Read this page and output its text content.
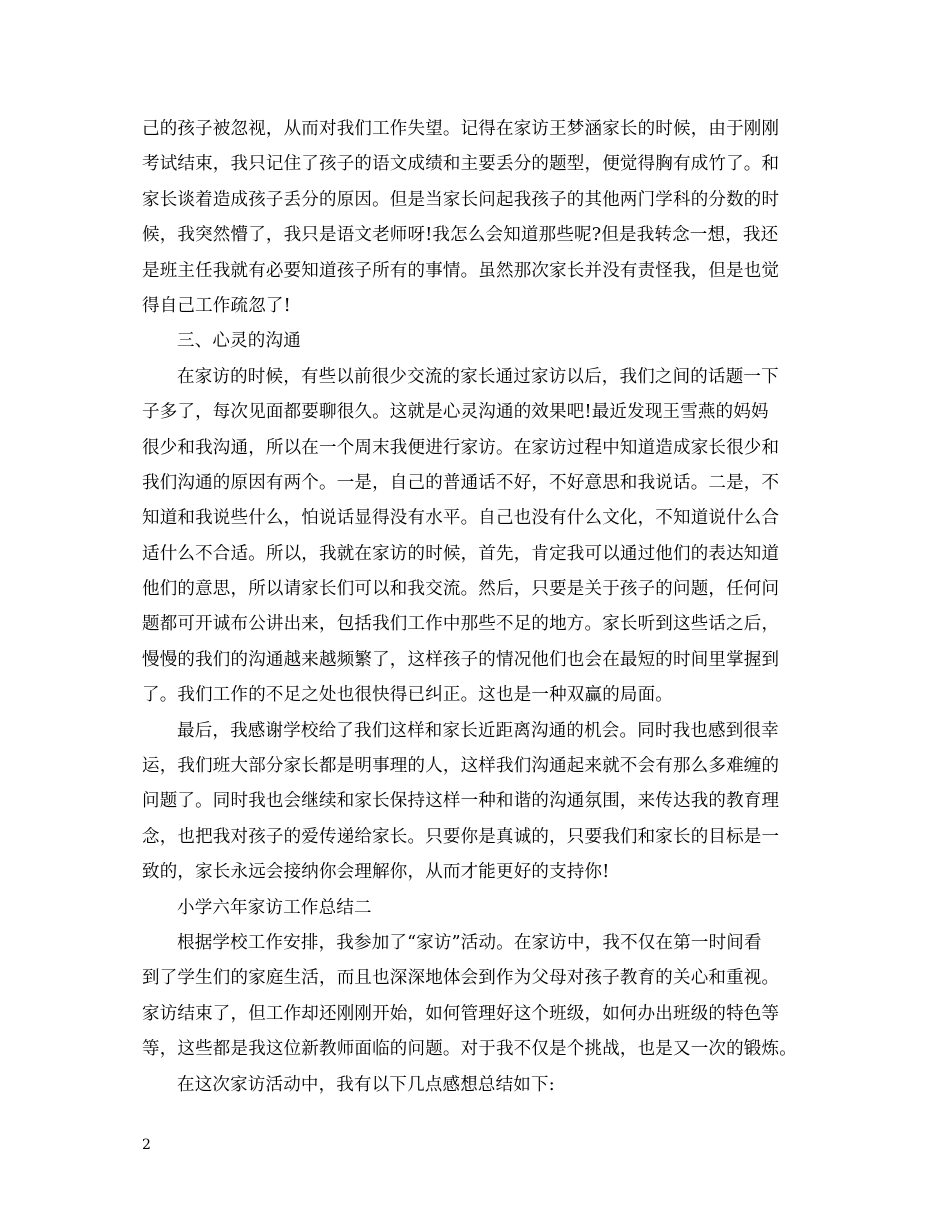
己的孩子被忽视，从而对我们工作失望。记得在家访王梦涵家长的时候，由于刚刚
考试结束，我只记住了孩子的语文成绩和主要丢分的题型，便觉得胸有成竹了。和
家长谈着造成孩子丢分的原因。但是当家长问起我孩子的其他两门学科的分数的时
候，我突然懵了，我只是语文老师呀!我怎么会知道那些呢?但是我转念一想，我还
是班主任我就有必要知道孩子所有的事情。虽然那次家长并没有责怪我，但是也觉
得自己工作疏忽了!
三、心灵的沟通
在家访的时候，有些以前很少交流的家长通过家访以后，我们之间的话题一下
子多了，每次见面都要聊很久。这就是心灵沟通的效果吧!最近发现王雪燕的妈妈
很少和我沟通，所以在一个周末我便进行家访。在家访过程中知道造成家长很少和
我们沟通的原因有两个。一是，自己的普通话不好，不好意思和我说话。二是，不
知道和我说些什么，怕说话显得没有水平。自己也没有什么文化，不知道说什么合
适什么不合适。所以，我就在家访的时候，首先，肯定我可以通过他们的表达知道
他们的意思，所以请家长们可以和我交流。然后，只要是关于孩子的问题，任何问
题都可开诚布公讲出来，包括我们工作中那些不足的地方。家长听到这些话之后，
慢慢的我们的沟通越来越频繁了，这样孩子的情况他们也会在最短的时间里掌握到
了。我们工作的不足之处也很快得已纠正。这也是一种双赢的局面。
最后，我感谢学校给了我们这样和家长近距离沟通的机会。同时我也感到很幸
运，我们班大部分家长都是明事理的人，这样我们沟通起来就不会有那么多难缠的
问题了。同时我也会继续和家长保持这样一种和谐的沟通氛围，来传达我的教育理
念，也把我对孩子的爱传递给家长。只要你是真诚的，只要我们和家长的目标是一
致的，家长永远会接纳你会理解你，从而才能更好的支持你!
小学六年家访工作总结二
根据学校工作安排，我参加了“家访”活动。在家访中，我不仅在第一时间看
到了学生们的家庭生活，而且也深深地体会到作为父母对孩子教育的关心和重视。
家访结束了，但工作却还刚刚开始，如何管理好这个班级，如何办出班级的特色等
等，这些都是我这位新教师面临的问题。对于我不仅是个挑战，也是又一次的锻炼。
在这次家访活动中，我有以下几点感想总结如下:
2
